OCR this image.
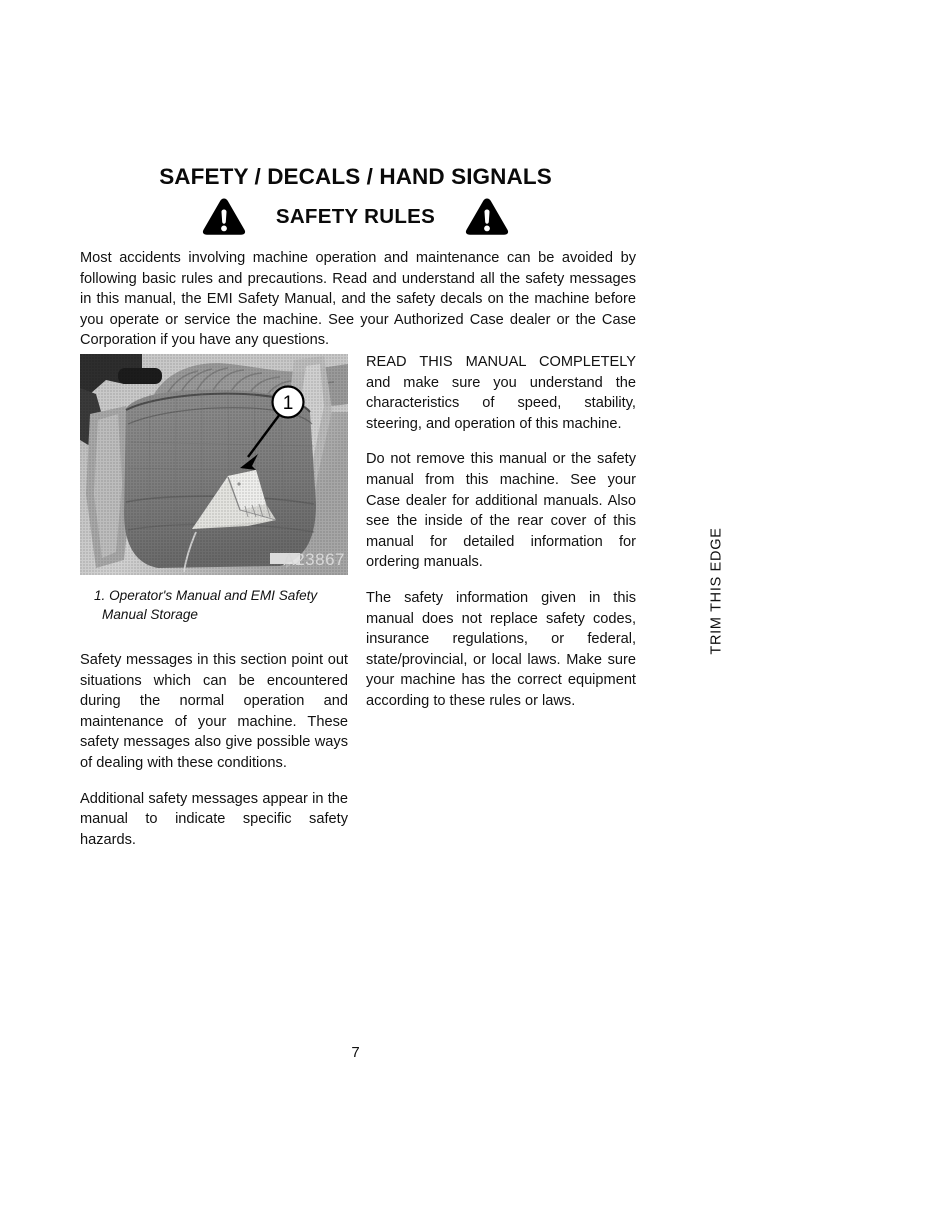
SAFETY / DECALS / HAND SIGNALS
SAFETY RULES
Most accidents involving machine operation and maintenance can be avoided by following basic rules and precautions. Read and understand all the safety messages in this manual, the EMI Safety Manual, and the safety decals on the machine before you operate or service the machine. See your Authorized Case dealer or the Case Corporation if you have any questions.
1
A23867
1. Operator's Manual and EMI Safety Manual Storage

Safety messages in this section point out situations which can be encountered during the normal operation and maintenance of your machine. These safety messages also give possible ways of dealing with these conditions.

Additional safety messages appear in the manual to indicate specific safety hazards.

READ THIS MANUAL COMPLETELY and make sure you understand the characteristics of speed, stability, steering, and operation of this machine.

Do not remove this manual or the safety manual from this machine. See your Case dealer for additional manuals. Also see the inside of the rear cover of this manual for detailed information for ordering manuals.

The safety information given in this manual does not replace safety codes, insurance regulations, or federal, state/provincial, or local laws. Make sure your machine has the correct equipment according to these rules or laws.

TRIM THIS EDGE
7
